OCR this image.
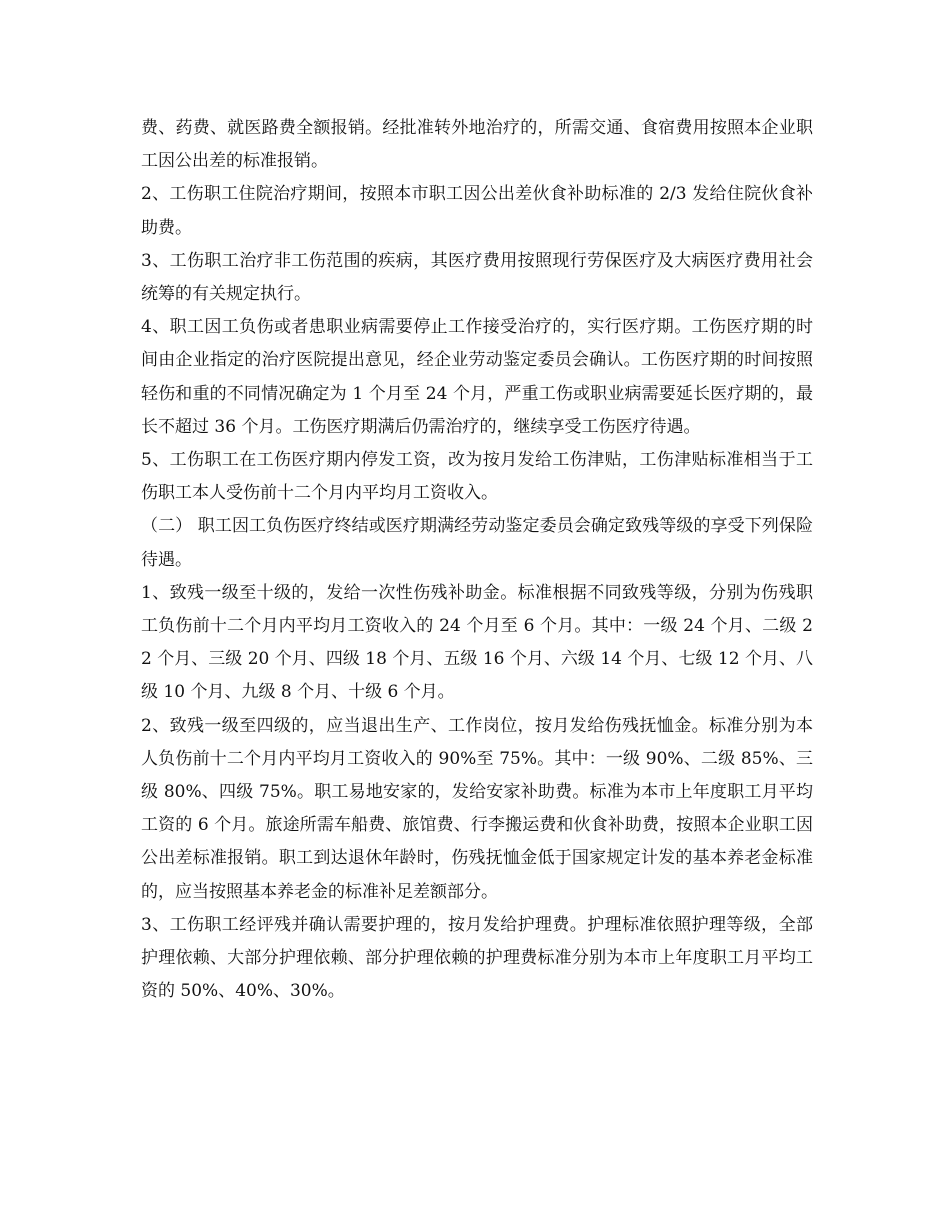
费、药费、就医路费全额报销。经批准转外地治疗的，所需交通、食宿费用按照本企业职工因公出差的标准报销。

2、工伤职工住院治疗期间，按照本市职工因公出差伙食补助标准的 2/3 发给住院伙食补助费。

3、工伤职工治疗非工伤范围的疾病，其医疗费用按照现行劳保医疗及大病医疗费用社会统筹的有关规定执行。

4、职工因工负伤或者患职业病需要停止工作接受治疗的，实行医疗期。工伤医疗期的时间由企业指定的治疗医院提出意见，经企业劳动鉴定委员会确认。工伤医疗期的时间按照轻伤和重的不同情况确定为 1 个月至 24 个月，严重工伤或职业病需要延长医疗期的，最长不超过 36 个月。工伤医疗期满后仍需治疗的，继续享受工伤医疗待遇。

5、工伤职工在工伤医疗期内停发工资，改为按月发给工伤津贴，工伤津贴标准相当于工伤职工本人受伤前十二个月内平均月工资收入。

（二） 职工因工负伤医疗终结或医疗期满经劳动鉴定委员会确定致残等级的享受下列保险待遇。

1、致残一级至十级的，发给一次性伤残补助金。标准根据不同致残等级，分别为伤残职工负伤前十二个月内平均月工资收入的 24 个月至 6 个月。其中：一级 24 个月、二级 22 个月、三级 20 个月、四级 18 个月、五级 16 个月、六级 14 个月、七级 12 个月、八级 10 个月、九级 8 个月、十级 6 个月。

2、致残一级至四级的，应当退出生产、工作岗位，按月发给伤残抚恤金。标准分别为本人负伤前十二个月内平均月工资收入的 90%至 75%。其中：一级 90%、二级 85%、三级 80%、四级 75%。职工易地安家的，发给安家补助费。标准为本市上年度职工月平均工资的 6 个月。旅途所需车船费、旅馆费、行李搬运费和伙食补助费，按照本企业职工因公出差标准报销。职工到达退休年龄时，伤残抚恤金低于国家规定计发的基本养老金标准的，应当按照基本养老金的标准补足差额部分。

3、工伤职工经评残并确认需要护理的，按月发给护理费。护理标准依照护理等级，全部护理依赖、大部分护理依赖、部分护理依赖的护理费标准分别为本市上年度职工月平均工资的 50%、40%、30%。
